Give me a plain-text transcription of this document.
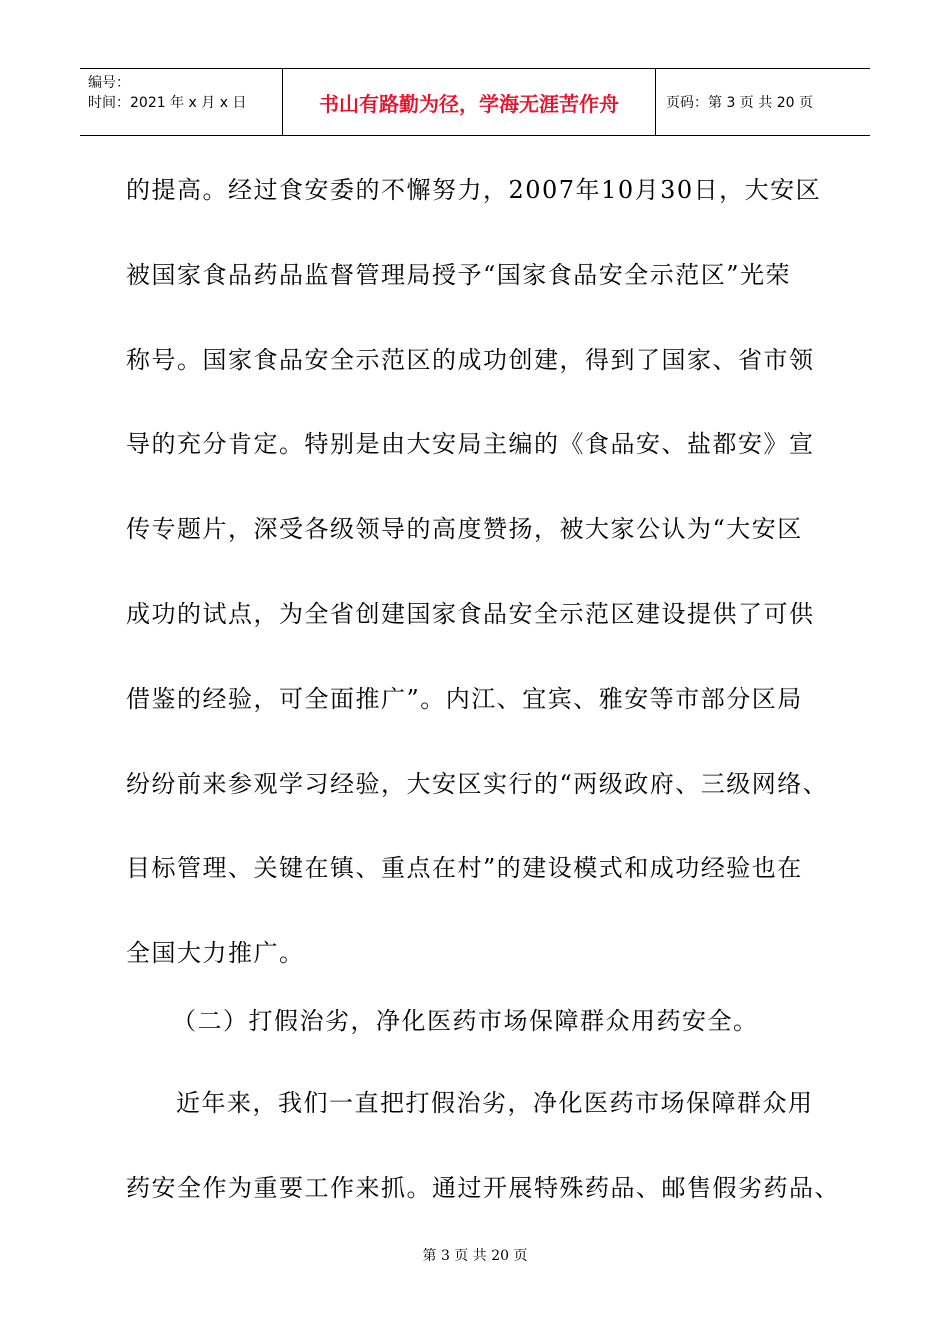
编号：
时间：2021 年 x 月 x 日	书山有路勤为径，学海无涯苦作舟	页码：第 3 页 共 20 页
的提高。经过食安委的不懈努力，2007年10月30日，大安区
被国家食品药品监督管理局授予“国家食品安全示范区”光荣
称号。国家食品安全示范区的成功创建，得到了国家、省市领
导的充分肯定。特别是由大安局主编的《食品安、盐都安》宣
传专题片，深受各级领导的高度赞扬，被大家公认为“大安区
成功的试点，为全省创建国家食品安全示范区建设提供了可供
借鉴的经验，可全面推广”。内江、宜宾、雅安等市部分区局
纷纷前来参观学习经验，大安区实行的“两级政府、三级网络、
目标管理、关键在镇、重点在村”的建设模式和成功经验也在
全国大力推广。
（二）打假治劣，净化医药市场保障群众用药安全。
近年来，我们一直把打假治劣，净化医药市场保障群众用
药安全作为重要工作来抓。通过开展特殊药品、邮售假劣药品、
第 3 页 共 20 页
